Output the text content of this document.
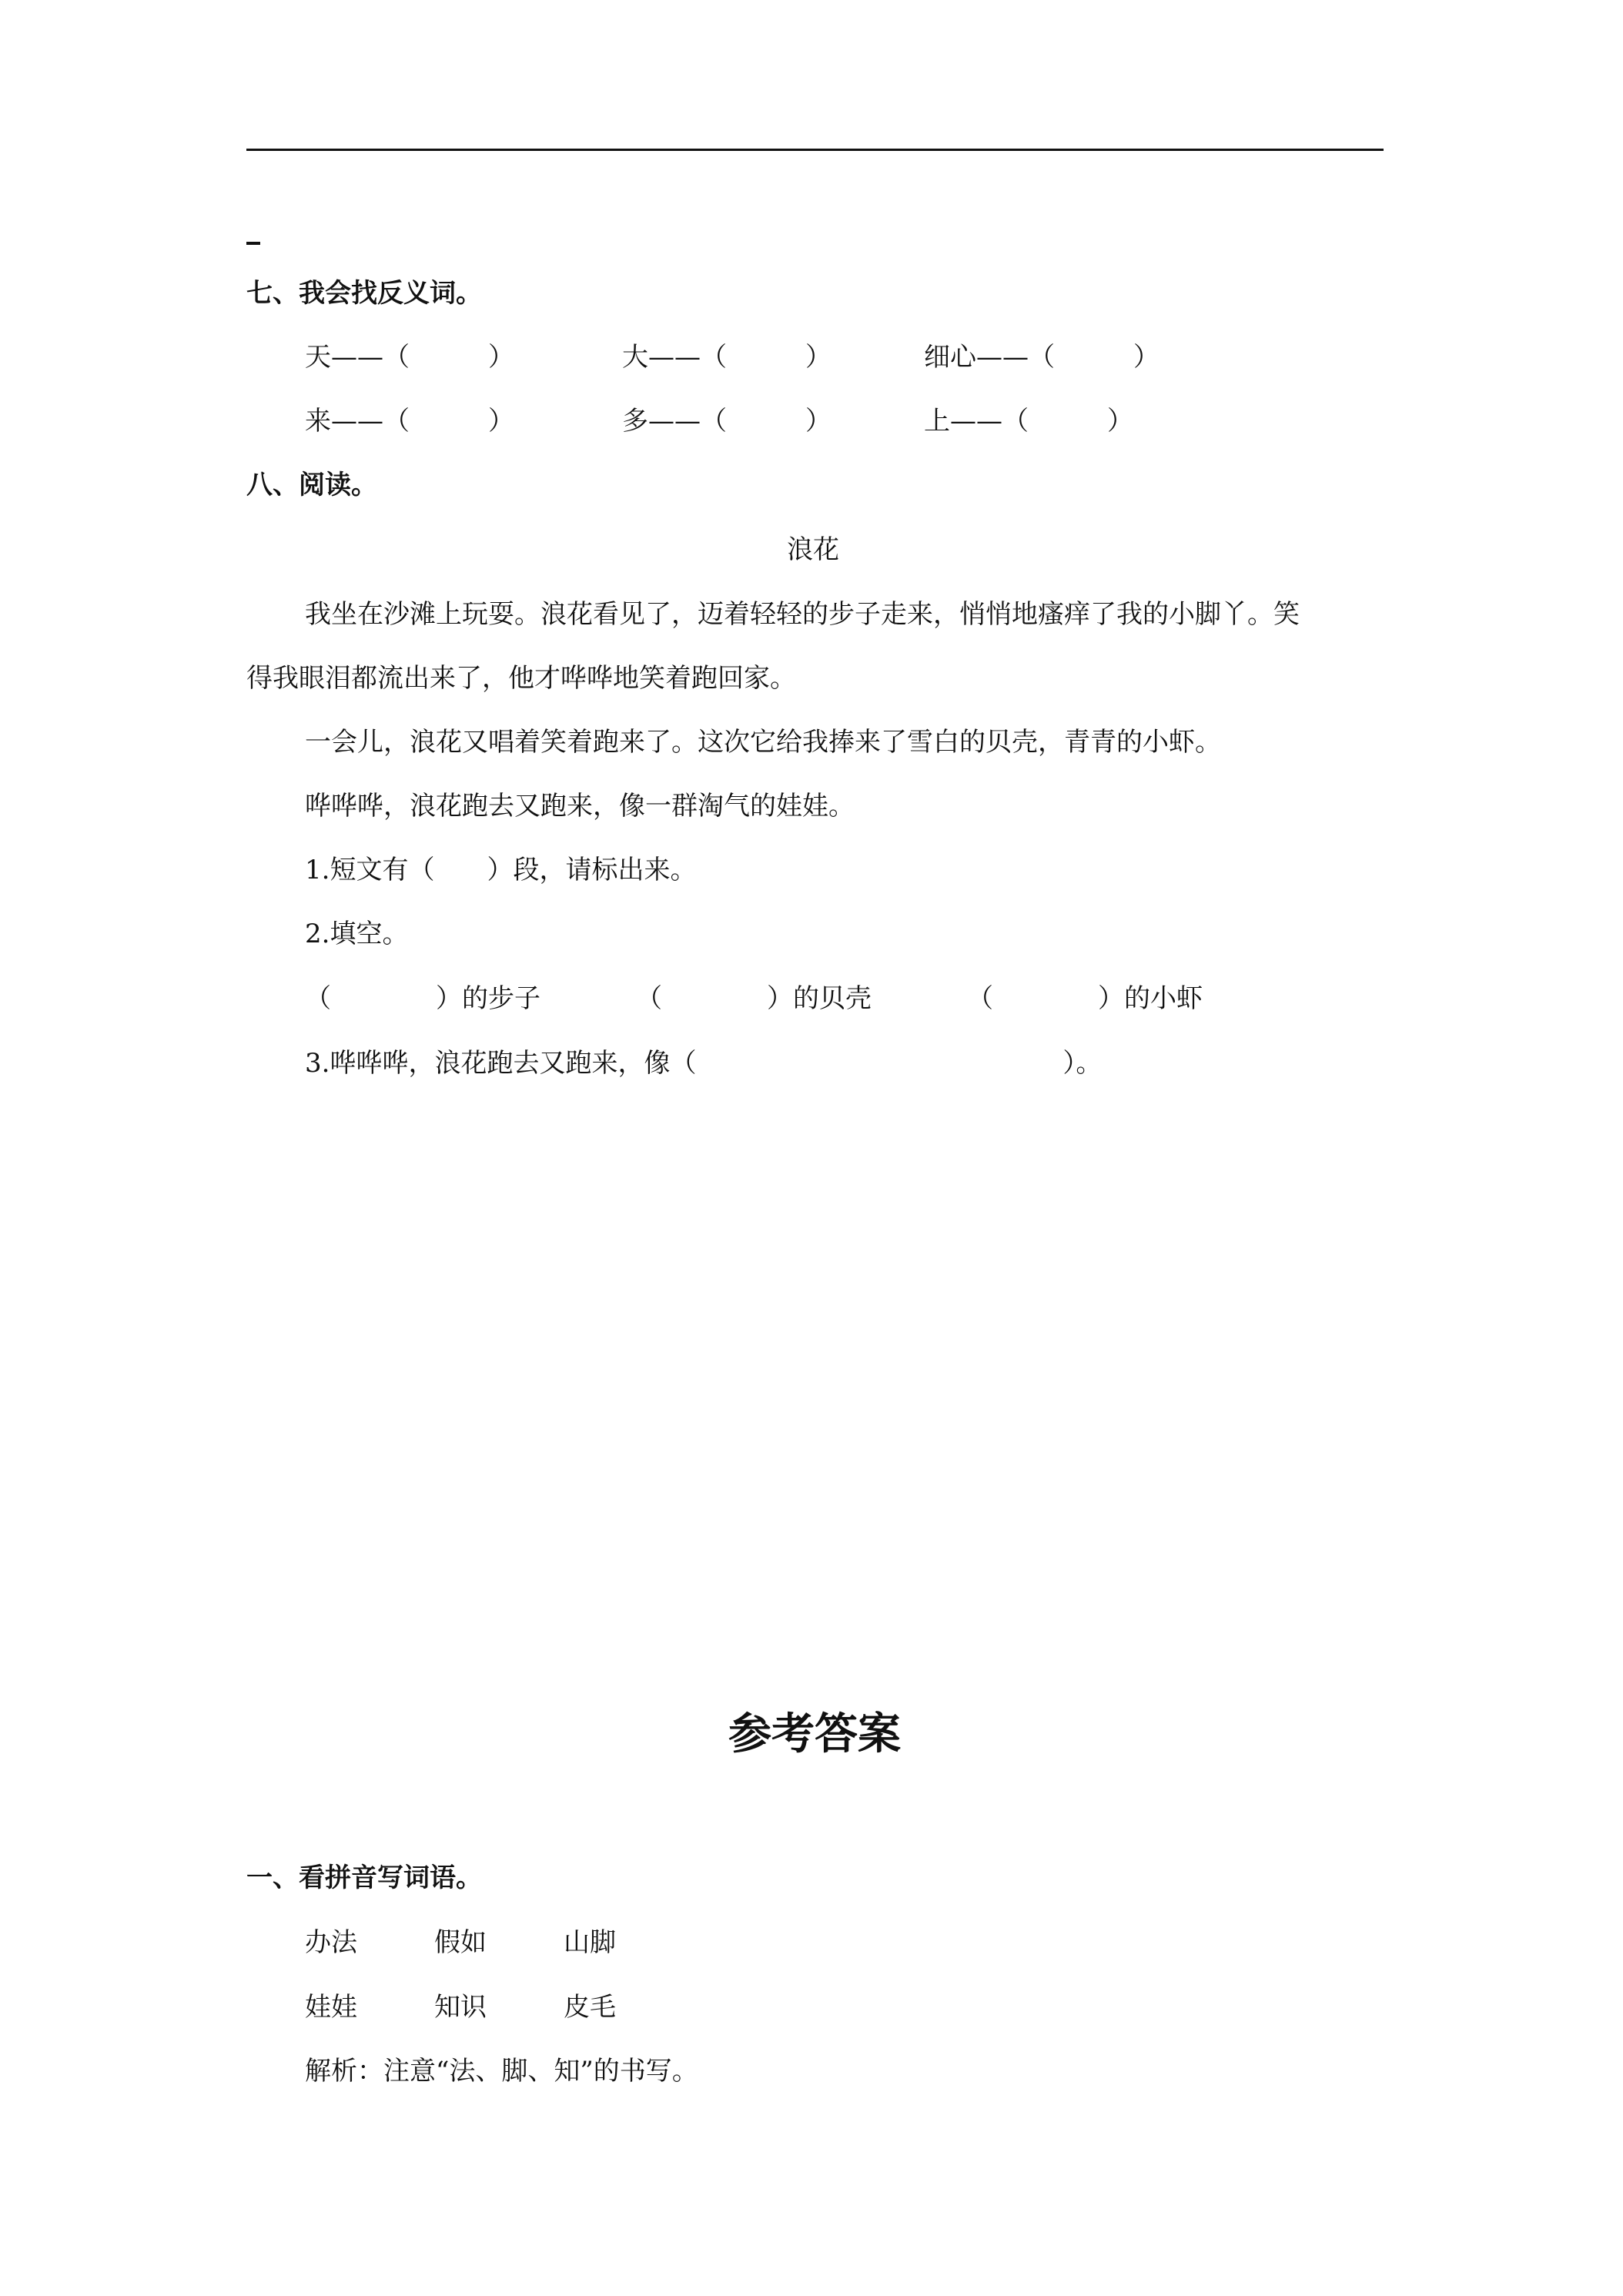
七、我会找反义词。
天——（　　　）	大——（　　　）	细心——（　　　）
来——（　　　）	多——（　　　）	上——（　　　）
八、阅读。
浪花
我坐在沙滩上玩耍。浪花看见了，迈着轻轻的步子走来，悄悄地瘙痒了我的小脚丫。笑
得我眼泪都流出来了，他才哗哗地笑着跑回家。
一会儿，浪花又唱着笑着跑来了。这次它给我捧来了雪白的贝壳，青青的小虾。
哗哗哗，浪花跑去又跑来，像一群淘气的娃娃。
1.短文有（　　）段，请标出来。
2.填空。
（　　　　）的步子	（　　　　）的贝壳	（　　　　）的小虾
3.哗哗哗，浪花跑去又跑来，像（　　　　　　　　　　　　　　）。
参考答案
一、看拼音写词语。
办法	假如	山脚
娃娃	知识	皮毛
解析：注意“法、脚、知”的书写。
